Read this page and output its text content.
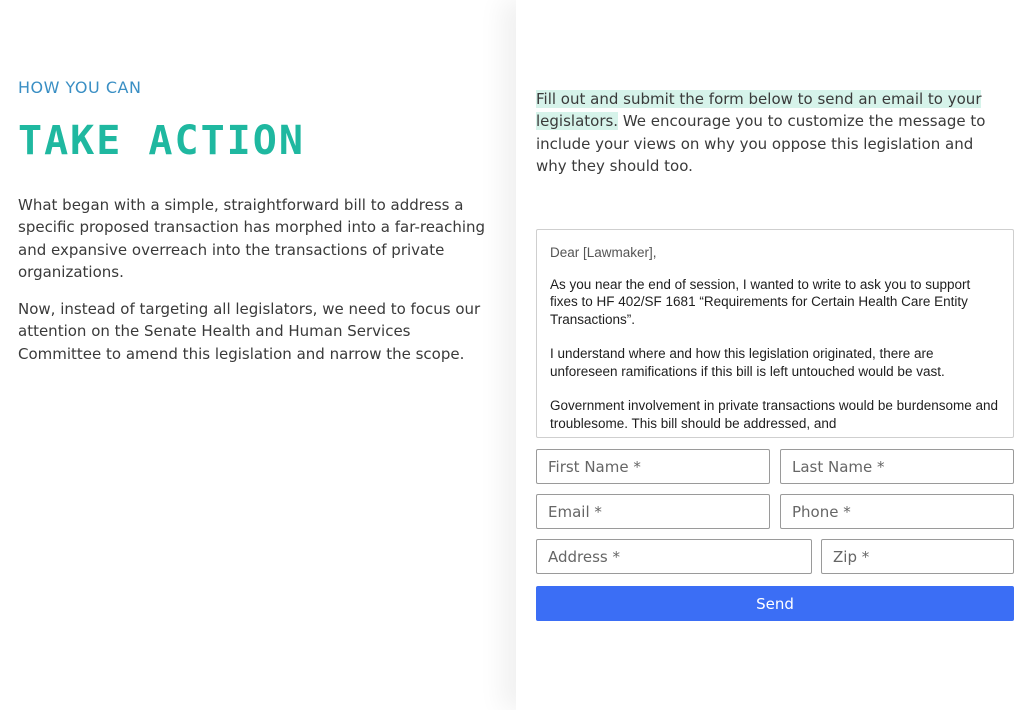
HOW YOU CAN
TAKE ACTION

What began with a simple, straightforward bill to address a specific proposed transaction has morphed into a far-reaching and expansive overreach into the transactions of private organizations.

Now, instead of targeting all legislators, we need to focus our attention on the Senate Health and Human Services Committee to amend this legislation and narrow the scope.

Fill out and submit the form below to send an email to your legislators. We encourage you to customize the message to include your views on why you oppose this legislation and why they should too.

Dear [Lawmaker],

As you near the end of session, I wanted to write to ask you to support fixes to HF 402/SF 1681 “Requirements for Certain Health Care Entity Transactions”.

I understand where and how this legislation originated, there are unforeseen ramifications if this bill is left untouched would be vast.

Government involvement in private transactions would be burdensome and troublesome. This bill should be addressed, and

First Name *
Last Name *
Email *
Phone *
Address *
Zip *
Send
